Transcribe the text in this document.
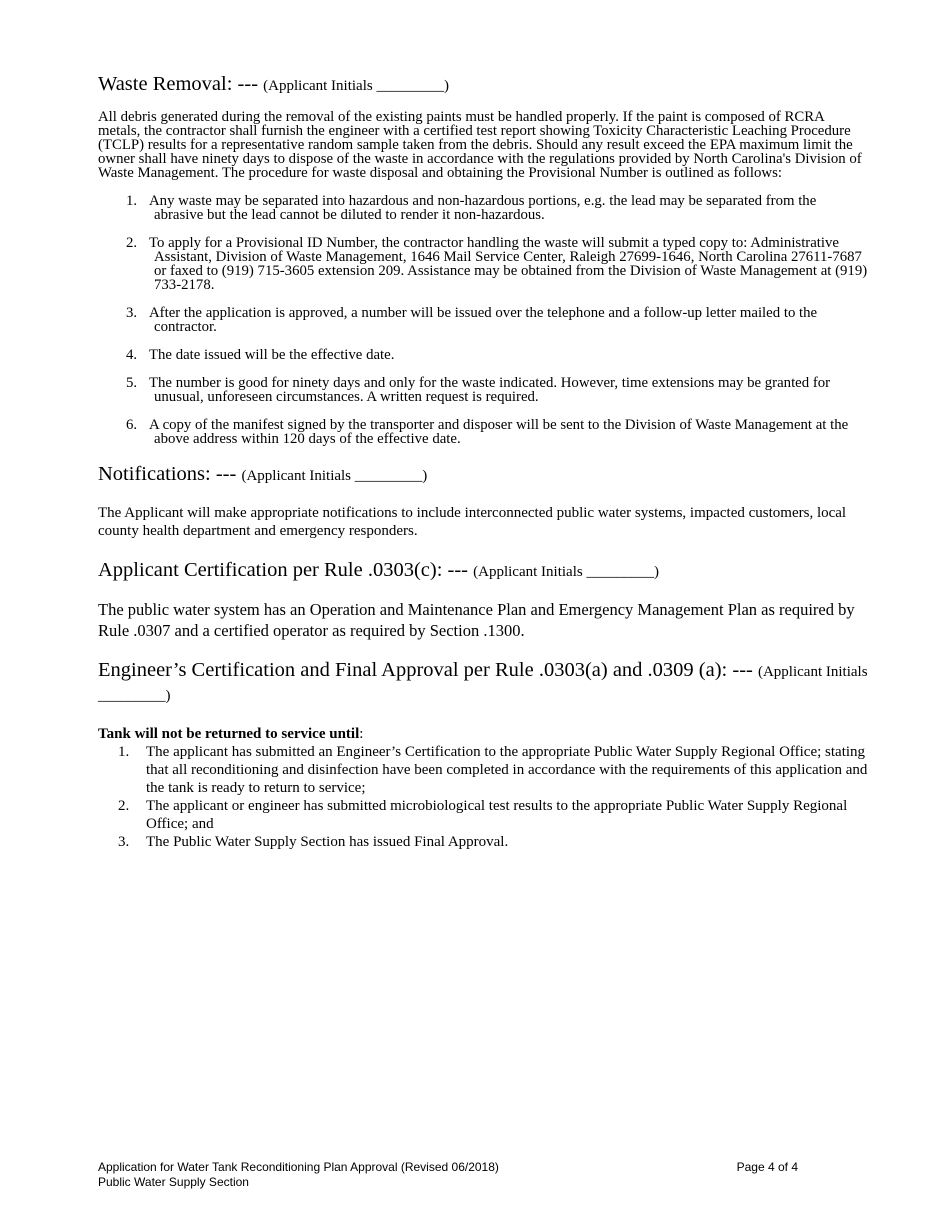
Waste Removal: --- (Applicant Initials _________)

All debris generated during the removal of the existing paints must be handled properly. If the paint is composed of RCRA metals, the contractor shall furnish the engineer with a certified test report showing Toxicity Characteristic Leaching Procedure (TCLP) results for a representative random sample taken from the debris. Should any result exceed the EPA maximum limit the owner shall have ninety days to dispose of the waste in accordance with the regulations provided by North Carolina's Division of Waste Management. The procedure for waste disposal and obtaining the Provisional Number is outlined as follows:

1. Any waste may be separated into hazardous and non-hazardous portions, e.g. the lead may be separated from the abrasive but the lead cannot be diluted to render it non-hazardous.
2. To apply for a Provisional ID Number, the contractor handling the waste will submit a typed copy to: Administrative Assistant, Division of Waste Management, 1646 Mail Service Center, Raleigh 27699-1646, North Carolina 27611-7687 or faxed to (919) 715-3605 extension 209. Assistance may be obtained from the Division of Waste Management at (919) 733-2178.
3. After the application is approved, a number will be issued over the telephone and a follow-up letter mailed to the contractor.
4. The date issued will be the effective date.
5. The number is good for ninety days and only for the waste indicated. However, time extensions may be granted for unusual, unforeseen circumstances. A written request is required.
6. A copy of the manifest signed by the transporter and disposer will be sent to the Division of Waste Management at the above address within 120 days of the effective date.
Notifications: --- (Applicant Initials _________)

The Applicant will make appropriate notifications to include interconnected public water systems, impacted customers, local county health department and emergency responders.

Applicant Certification per Rule .0303(c): --- (Applicant Initials _________)

The public water system has an Operation and Maintenance Plan and Emergency Management Plan as required by Rule .0307 and a certified operator as required by Section .1300.

Engineer’s Certification and Final Approval per Rule .0303(a) and .0309 (a): --- (Applicant Initials _________)

Tank will not be returned to service until:

1. The applicant has submitted an Engineer’s Certification to the appropriate Public Water Supply Regional Office; stating that all reconditioning and disinfection have been completed in accordance with the requirements of this application and the tank is ready to return to service;
2. The applicant or engineer has submitted microbiological test results to the appropriate Public Water Supply Regional Office; and
3. The Public Water Supply Section has issued Final Approval.
Application for Water Tank Reconditioning Plan Approval (Revised 06/2018)
Public Water Supply Section
Page 4 of 4
